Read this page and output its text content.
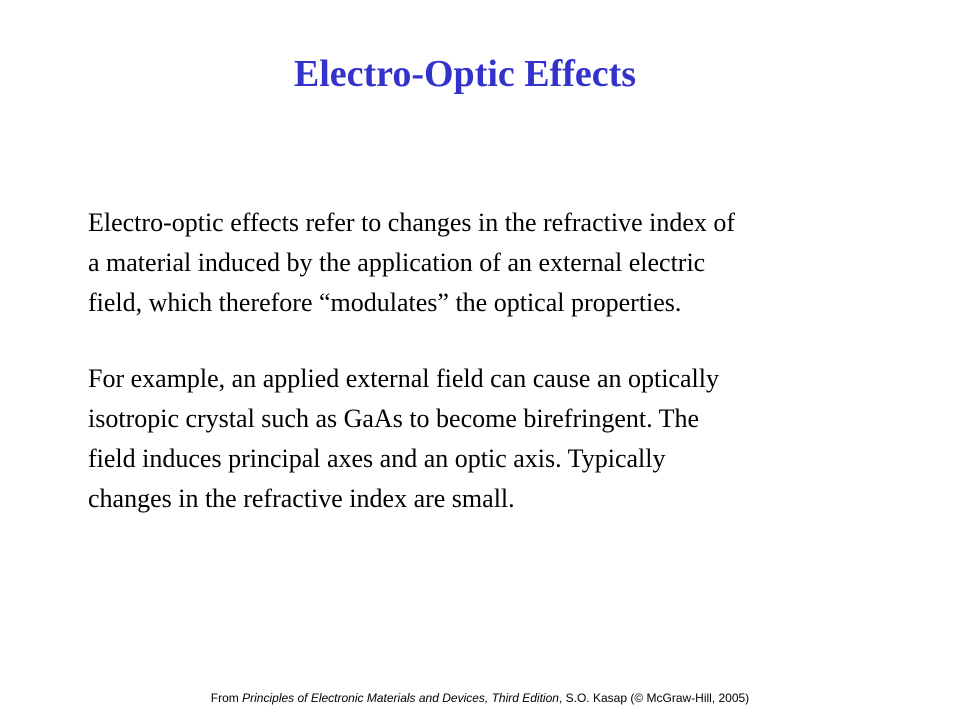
Electro-Optic Effects
Electro-optic effects refer to changes in the refractive index of
a material induced by the application of an external electric
field, which therefore “modulates” the optical properties.
For example, an applied external field can cause an optically
isotropic crystal such as GaAs to become birefringent. The
field induces principal axes and an optic axis. Typically
changes in the refractive index are small.
From Principles of Electronic Materials and Devices, Third Edition, S.O. Kasap (© McGraw-Hill, 2005)
